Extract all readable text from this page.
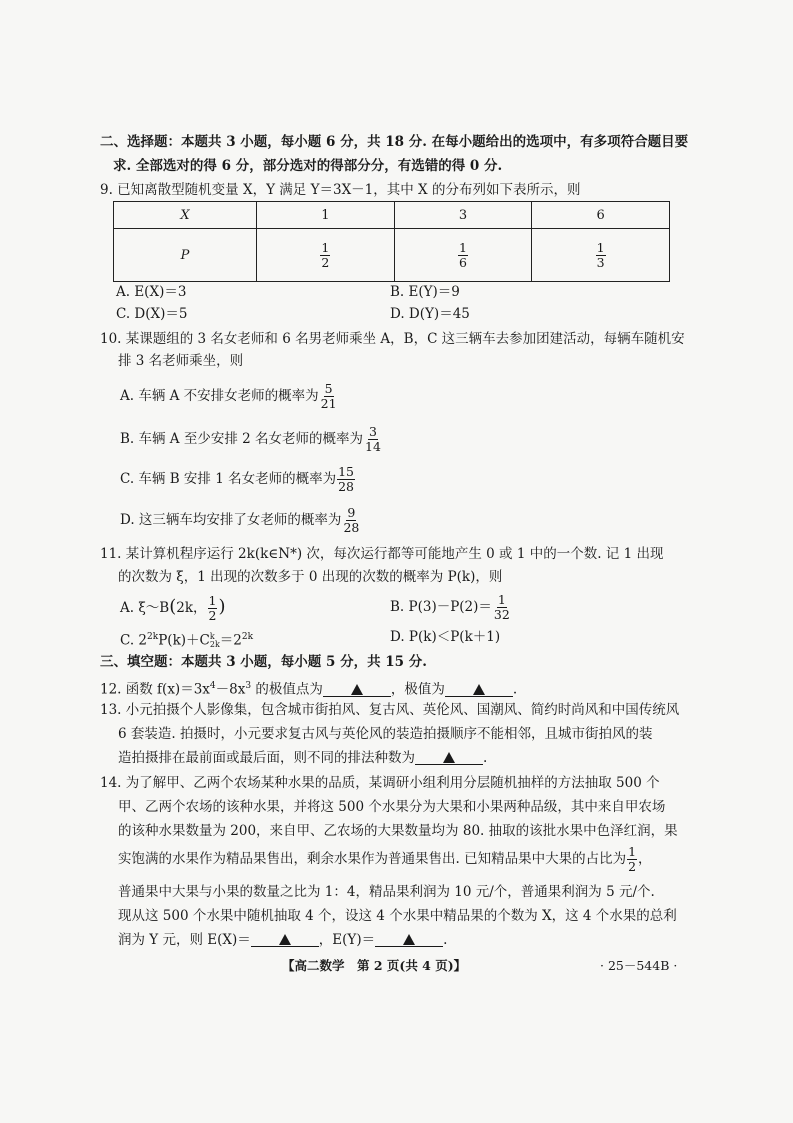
二、选择题：本题共 3 小题，每小题 6 分，共 18 分. 在每小题给出的选项中，有多项符合题目要
求. 全部选对的得 6 分，部分选对的得部分分，有选错的得 0 分.
9. 已知离散型随机变量 X，Y 满足 Y＝3X－1，其中 X 的分布列如下表所示，则
X	1	3	6
P	$\frac{1}{2}$	$\frac{1}{6}$	$\frac{1}{3}$
A. E(X)＝3	B. E(Y)＝9
C. D(X)＝5	D. D(Y)＝45
10. 某课题组的 3 名女老师和 6 名男老师乘坐 A，B，C 这三辆车去参加团建活动，每辆车随机安
排 3 名老师乘坐，则
A. 车辆 A 不安排女老师的概率为 $\frac{5}{21}$
B. 车辆 A 至少安排 2 名女老师的概率为 $\frac{3}{14}$
C. 车辆 B 安排 1 名女老师的概率为 $\frac{15}{28}$
D. 这三辆车均安排了女老师的概率为 $\frac{9}{28}$
11. 某计算机程序运行 2k(k∈N*) 次，每次运行都等可能地产生 0 或 1 中的一个数. 记 1 出现
的次数为 ξ，1 出现的次数多于 0 出现的次数的概率为 P(k)，则
A. ξ～B(2k， $\frac{1}{2}$ )	B. $P(3)-P(2)= \frac{1}{32}$
C. $2^{2k}P(k)+C$ k
$2k =2^{2k}$	D. P(k)＜P(k＋1)
三、填空题：本题共 3 小题，每小题 5 分，共 15 分.
12. 函数 $f(x)=3x^4-8x^3$ 的极值点为	，极值为	.
13. 小元拍摄个人影像集，包含城市街拍风、复古风、英伦风、国潮风、简约时尚风和中国传统风
6 套装造. 拍摄时，小元要求复古风与英伦风的装造拍摄顺序不能相邻，且城市街拍风的装
造拍摄排在最前面或最后面，则不同的排法种数为	.
14. 为了解甲、乙两个农场某种水果的品质，某调研小组利用分层随机抽样的方法抽取 500 个
甲、乙两个农场的该种水果，并将这 500 个水果分为大果和小果两种品级，其中来自甲农场
的该种水果数量为 200，来自甲、乙农场的大果数量均为 80. 抽取的该批水果中色泽红润，果
实饱满的水果作为精品果售出，剩余水果作为普通果售出. 已知精品果中大果的占比为 $\frac{1}{2}$ ，
普通果中大果与小果的数量之比为 1：4，精品果利润为 10 元/个，普通果利润为 5 元/个.
现从这 500 个水果中随机抽取 4 个，设这 4 个水果中精品果的个数为 X，这 4 个水果的总利
润为 Y 元，则 E(X)＝	，E(Y)＝	.
【高二数学　第 2 页(共 4 页)】	· 25－544B ·
